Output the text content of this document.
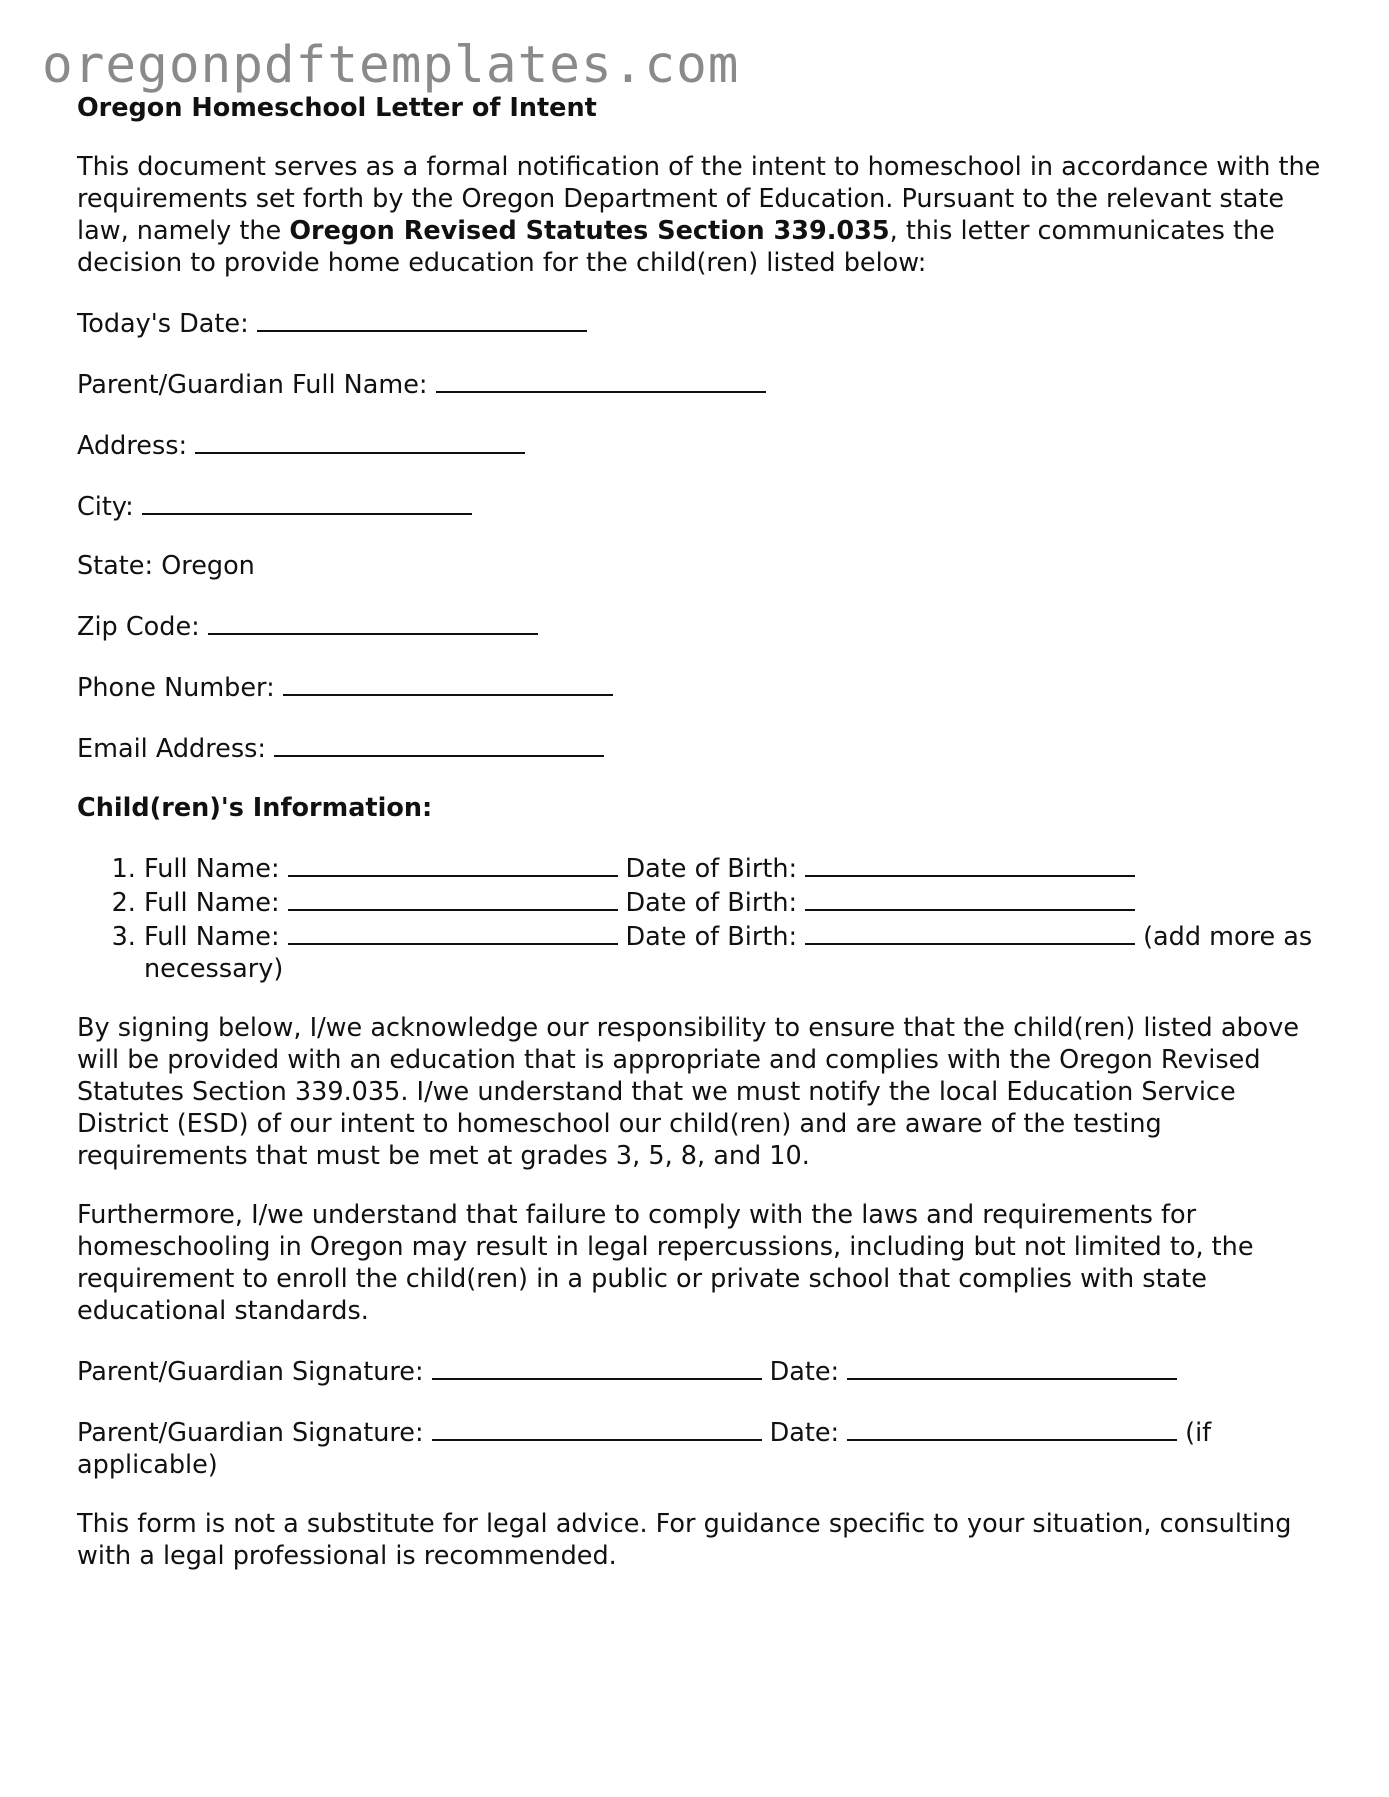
oregonpdftemplates.com
Oregon Homeschool Letter of Intent

This document serves as a formal notification of the intent to homeschool in accordance with the requirements set forth by the Oregon Department of Education. Pursuant to the relevant state law, namely the Oregon Revised Statutes Section 339.035, this letter communicates the decision to provide home education for the child(ren) listed below:

Today's Date:
Parent/Guardian Full Name:
Address:
City:
State: Oregon
Zip Code:
Phone Number:
Email Address:
Child(ren)'s Information:
1. Full Name:	Date of Birth:
2. Full Name:	Date of Birth:
3. Full Name:	Date of Birth:	(add more as necessary)

By signing below, I/we acknowledge our responsibility to ensure that the child(ren) listed above will be provided with an education that is appropriate and complies with the Oregon Revised Statutes Section 339.035. I/we understand that we must notify the local Education Service District (ESD) of our intent to homeschool our child(ren) and are aware of the testing requirements that must be met at grades 3, 5, 8, and 10.

Furthermore, I/we understand that failure to comply with the laws and requirements for homeschooling in Oregon may result in legal repercussions, including but not limited to, the requirement to enroll the child(ren) in a public or private school that complies with state educational standards.

Parent/Guardian Signature:	Date:
Parent/Guardian Signature:	Date:	(if applicable)

This form is not a substitute for legal advice. For guidance specific to your situation, consulting with a legal professional is recommended.
